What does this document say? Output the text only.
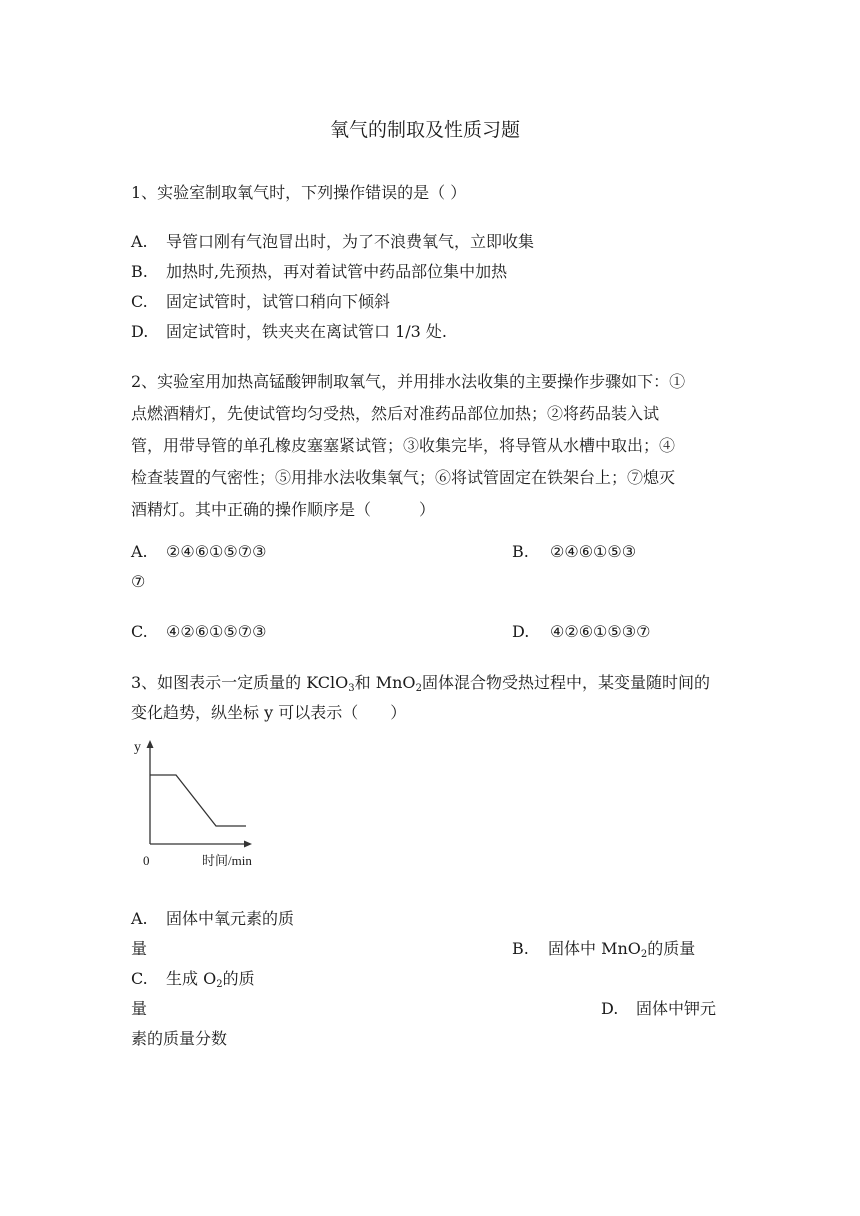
氧气的制取及性质习题
1、实验室制取氧气时，下列操作错误的是（ ）
A. 导管口刚有气泡冒出时，为了不浪费氧气，立即收集
B. 加热时,先预热，再对着试管中药品部位集中加热
C. 固定试管时，试管口稍向下倾斜
D. 固定试管时，铁夹夹在离试管口 1/3 处.
2、实验室用加热高锰酸钾制取氧气，并用排水法收集的主要操作步骤如下：①
点燃酒精灯，先使试管均匀受热，然后对准药品部位加热；②将药品装入试
管，用带导管的单孔橡皮塞塞紧试管；③收集完毕，将导管从水槽中取出；④
检查装置的气密性；⑤用排水法收集氧气；⑥将试管固定在铁架台上；⑦熄灭
酒精灯。其中正确的操作顺序是（　　　）
A. ②④⑥①⑤⑦③	B. ②④⑥①⑤③
⑦
C. ④②⑥①⑤⑦③	D. ④②⑥①⑤③⑦
3、如图表示一定质量的 KClO$_3$和 MnO$_2$固体混合物受热过程中，某变量随时间的
变化趋势，纵坐标 y 可以表示（　　）
y
0	时间/min
A. 固体中氧元素的质
量	B. 固体中 MnO$_2$的质量
C. 生成 $O_2$的质
量	D. 固体中钾元
素的质量分数
